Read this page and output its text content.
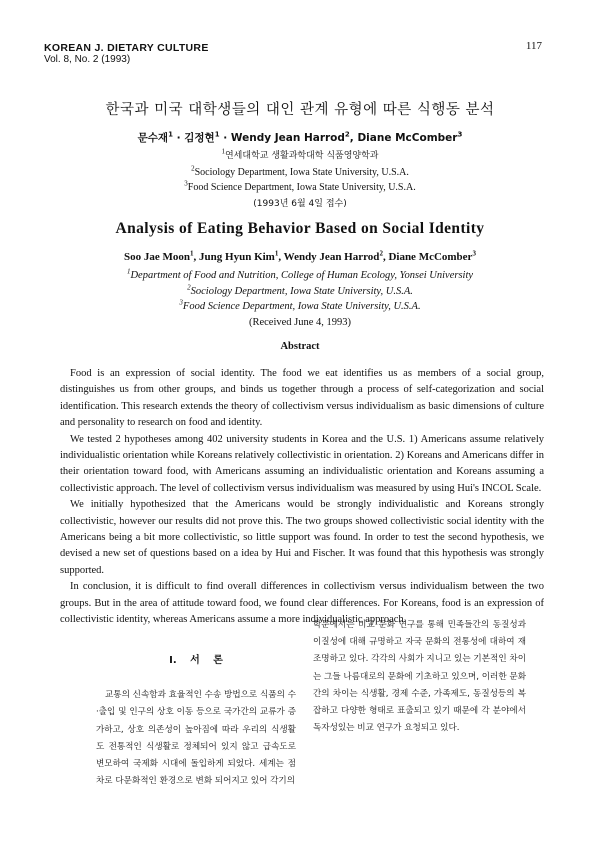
KOREAN J. DIETARY CULTURE
Vol. 8, No. 2 (1993)
117
한국과 미국 대학생들의 대인 관계 유형에 따른 식행동 분석
문수재$^1$ · 김정현$^1$ · Wendy Jean Harrod$^2$, Diane McComber$^3$
$^1$연세대학교 생활과학대학 식품영양학과
$^2$Sociology Department, Iowa State University, U.S.A.
$^3$Food Science Department, Iowa State University, U.S.A.
(1993년 6월 4일 접수)
Analysis of Eating Behavior Based on Social Identity
Soo Jae Moon$^1$, Jung Hyun Kim$^1$, Wendy Jean Harrod$^2$, Diane McComber$^3$
$^1$Department of Food and Nutrition, College of Human Ecology, Yonsei University
$^2$Sociology Department, Iowa State University, U.S.A.
$^3$Food Science Department, Iowa State University, U.S.A.
(Received June 4, 1993)
Abstract

Food is an expression of social identity. The food we eat identifies us as members of a social group, distinguishes us from other groups, and binds us together through a process of self-categorization and social identification. This research extends the theory of collectivism versus individualism as basic dimensions of culture and personality to research on food and identity.

We tested 2 hypotheses among 402 university students in Korea and the U.S. 1) Americans assume relatively individualistic orientation while Koreans relatively collectivistic in orientation. 2) Koreans and Americans differ in their orientation toward food, with Americans assuming an individualistic orientation and Koreans assuming a collectivistic approach. The level of collectivism versus individualism was measured by using Hui's INCOL Scale.

We initially hypothesized that the Americans would be strongly individualistic and Koreans strongly collectivistic, however our results did not prove this. The two groups showed collectivistic social identity with the Americans being a bit more collectivistic, so little support was found. In order to test the second hypothesis, we devised a new set of questions based on a idea by Hui and Fischer. It was found that this hypothesis was strongly supported.

In conclusion, it is difficult to find overall differences in collectivism versus individualism between the two groups. But in the area of attitude toward food, we found clear differences. For Koreans, food is an expression of collectivistic identity, whereas Americans assume a more individualistic approach.

I. 서 론

교통의 신속함과 효율적인 수송 방법으로 식품의 수·출입 및 인구의 상호 이동 등으로 국가간의 교류가 증가하고, 상호 의존성이 높아짐에 따라 우리의 식생활도 전통적인 식생활로 정체되어 있지 않고 급속도로 변모하여 국제화 시대에 돌입하게 되었다. 세계는 점차로 다문화적인 환경으로 변화 되어지고 있어 각기의

학문에서는 비교 문화 연구를 통해 민족들간의 동질성과 이질성에 대해 규명하고 자국 문화의 전통성에 대하여 재조명하고 있다. 각각의 사회가 지니고 있는 기본적인 차이는 그들 나름대로의 문화에 기초하고 있으며, 이러한 문화간의 차이는 식생활, 경제 수준, 가족제도, 동질성등의 복잡하고 다양한 형태로 표출되고 있기 때문에 각 분야에서 독자성있는 비교 연구가 요청되고 있다.
